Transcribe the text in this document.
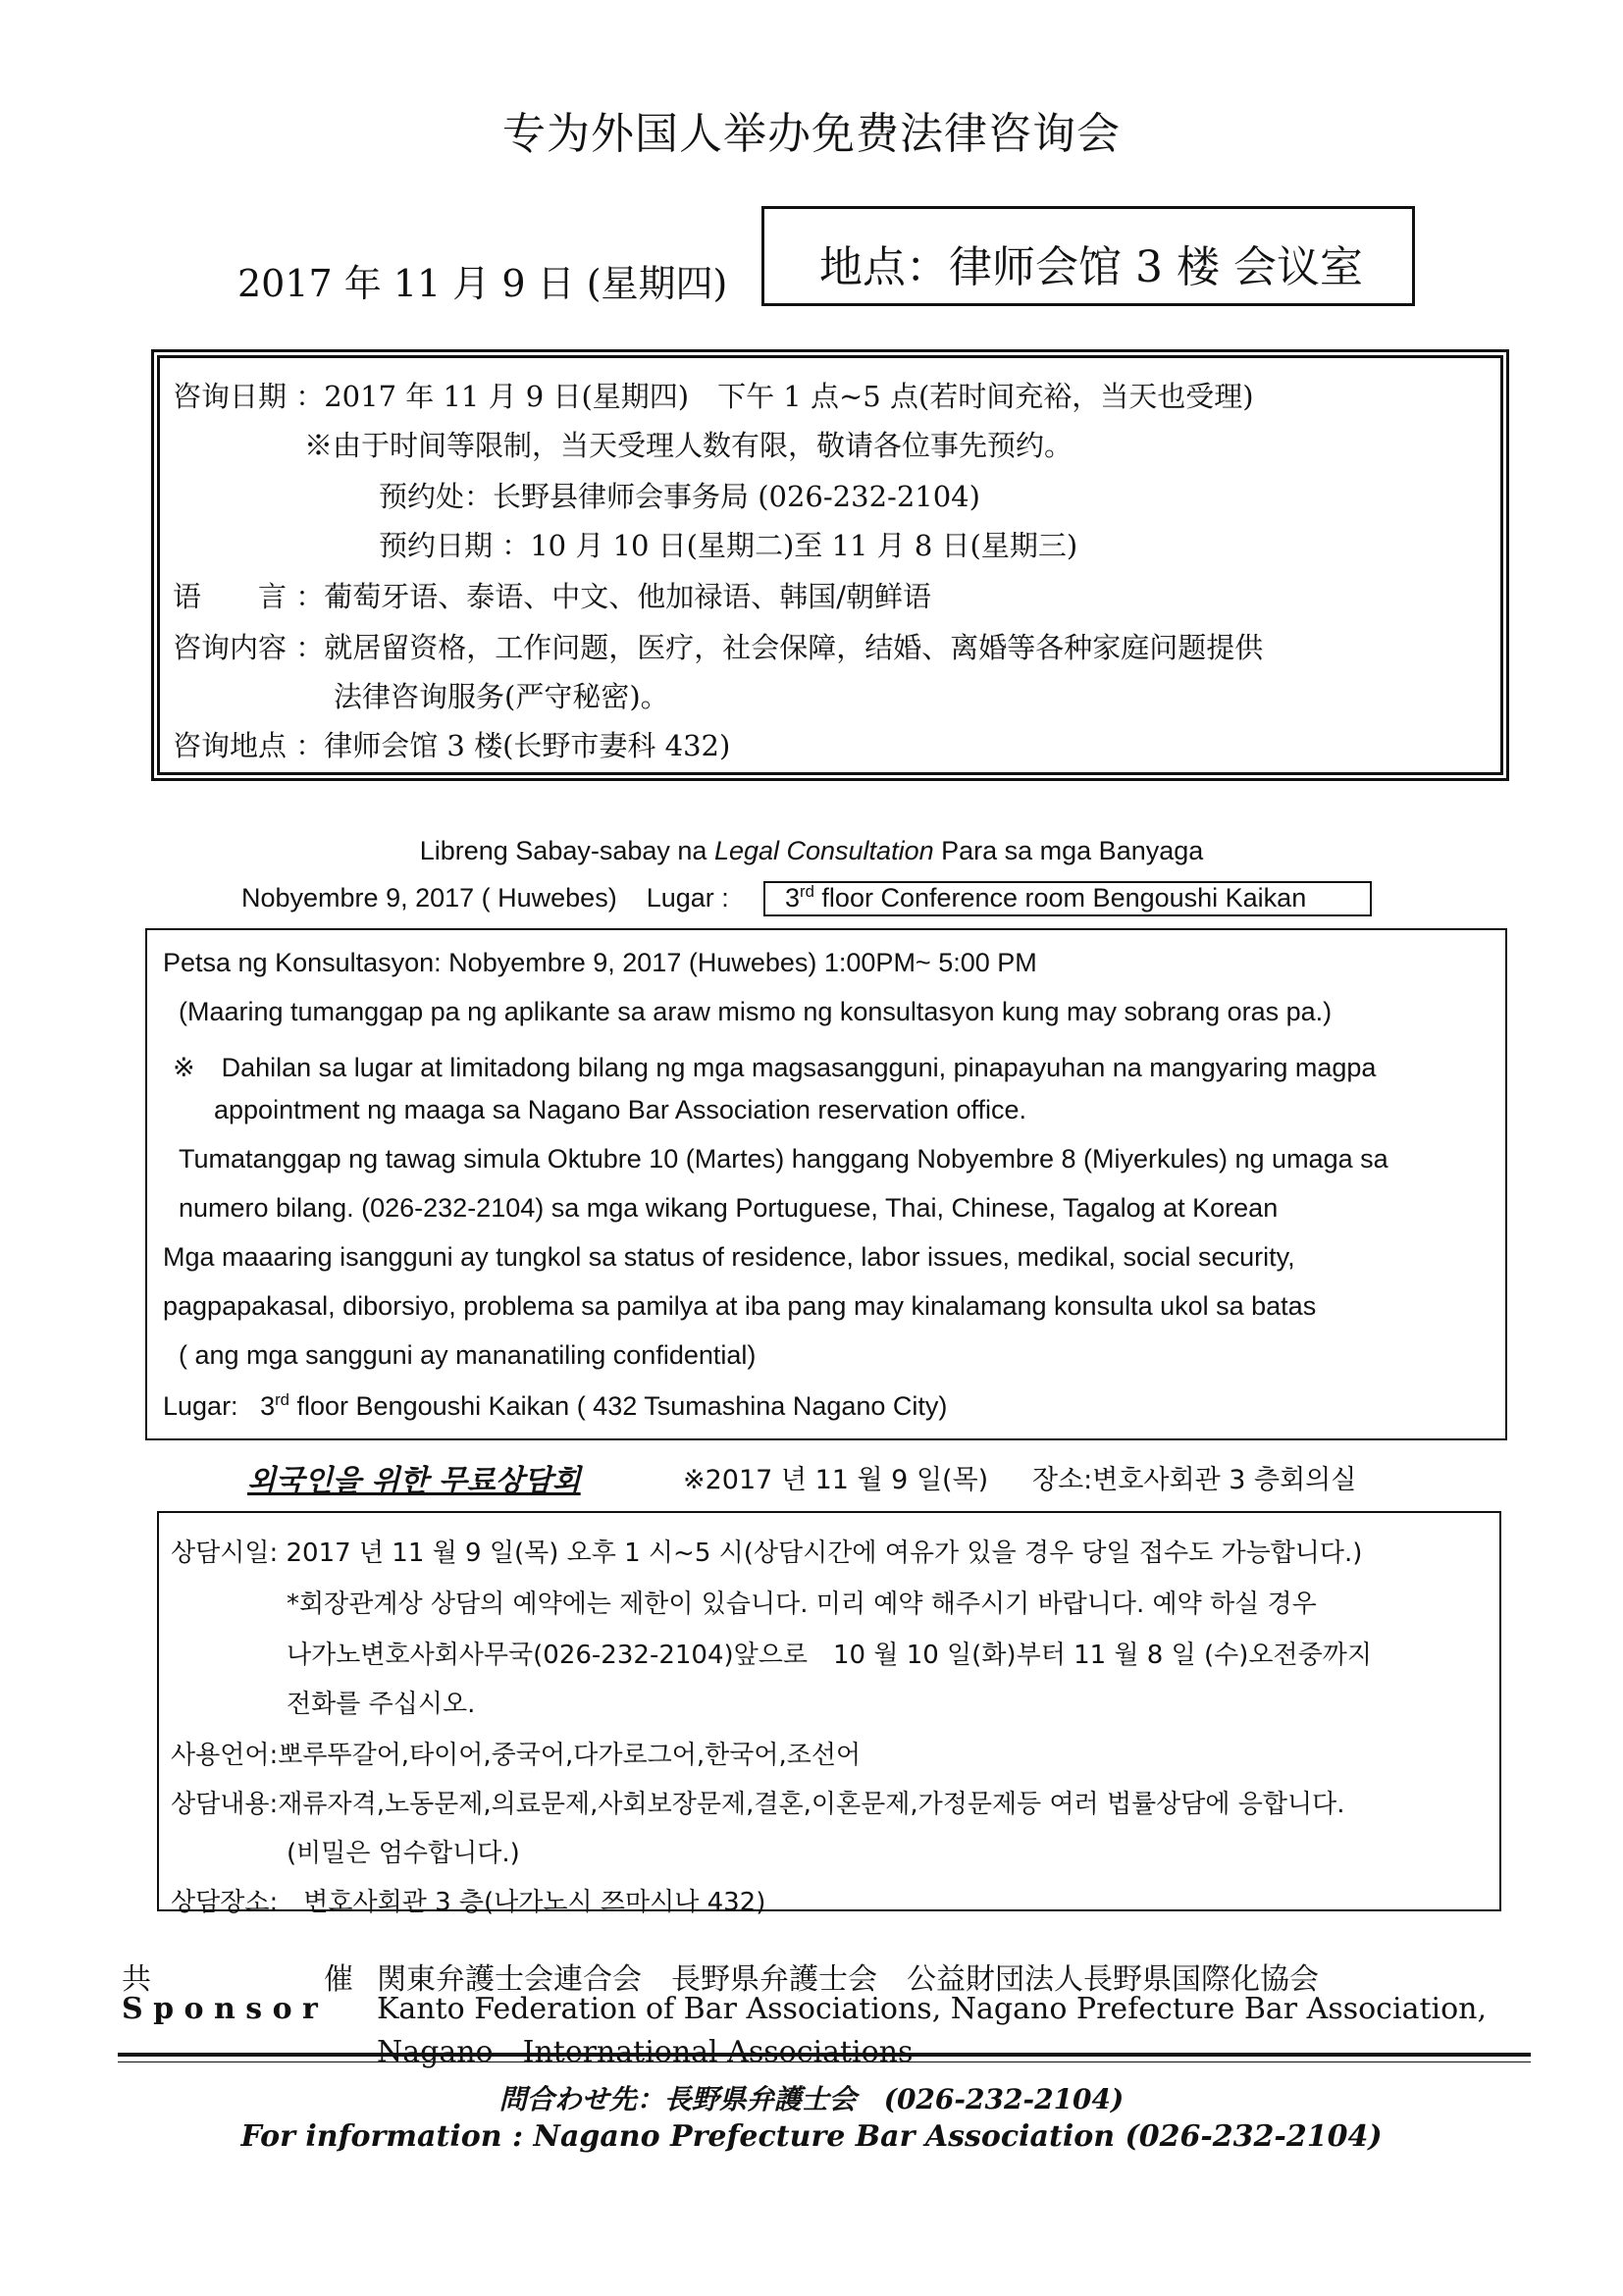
专为外国人举办免费法律咨询会
2017 年 11 月 9 日 (星期四) 地点：律师会馆 3 楼 会议室
咨询日期 ：2017 年 11 月 9 日(星期四)　下午 1 点~5 点(若时间充裕，当天也受理)
※由于时间等限制，当天受理人数有限，敬请各位事先预约。
预约处：长野县律师会事务局 (026-232-2104)
预约日期 ：10 月 10 日(星期二)至 11 月 8 日(星期三)
语　　言 ：葡萄牙语、泰语、中文、他加禄语、韩国/朝鲜语
咨询内容 ：就居留资格，工作问题，医疗，社会保障，结婚、离婚等各种家庭问题提供
法律咨询服务(严守秘密)。
咨询地点 ：律师会馆 3 楼(长野市妻科 432)
Libreng Sabay-sabay na Legal Consultation Para sa mga Banyaga
Nobyembre 9, 2017 ( Huwebes) Lugar : 3rd floor Conference room Bengoushi Kaikan
Petsa ng Konsultasyon: Nobyembre 9, 2017 (Huwebes) 1:00PM~ 5:00 PM
(Maaring tumanggap pa ng aplikante sa araw mismo ng konsultasyon kung may sobrang oras pa.)
※　Dahilan sa lugar at limitadong bilang ng mga magsasangguni, pinapayuhan na mangyaring magpa
appointment ng maaga sa Nagano Bar Association reservation office.
Tumatanggap ng tawag simula Oktubre 10 (Martes) hanggang Nobyembre 8 (Miyerkules) ng umaga sa
numero bilang. (026-232-2104) sa mga wikang Portuguese, Thai, Chinese, Tagalog at Korean
Mga maaaring isangguni ay tungkol sa status of residence, labor issues, medikal, social security,
pagpapakasal, diborsiyo, problema sa pamilya at iba pang may kinalamang konsulta ukol sa batas
( ang mga sangguni ay mananatiling confidential)
Lugar: 3rd floor Bengoushi Kaikan ( 432 Tsumashina Nagano City)
외국인을 위한 무료상담회	※2017 년 11 월 9 일(목) 장소:변호사회관 3 층회의실
상담시일: 2017 년 11 월 9 일(목) 오후 1 시~5 시(상담시간에 여유가 있을 경우 당일 접수도 가능합니다.)
*회장관계상 상담의 예약에는 제한이 있습니다. 미리 예약 해주시기 바랍니다. 예약 하실 경우
나가노변호사회사무국(026-232-2104)앞으로　10 월 10 일(화)부터 11 월 8 일 (수)오전중까지
전화를 주십시오.
사용언어:뽀루뚜갈어,타이어,중국어,다가로그어,한국어,조선어
상담내용:재류자격,노동문제,의료문제,사회보장문제,결혼,이혼문제,가정문제등 여러 법률상담에 응합니다.
(비밀은 엄수합니다.)
상담장소:　변호사회관 3 층(나가노시 쯔마시나 432)
共	催 関東弁護士会連合会　長野県弁護士会　公益財団法人長野県国際化協会
S p o n s o r Kanto Federation of Bar Associations, Nagano Prefecture Bar Association,
Nagano　International Associations
問合わせ先：長野県弁護士会　(026-232-2104)
For information : Nagano Prefecture Bar Association (026-232-2104)
